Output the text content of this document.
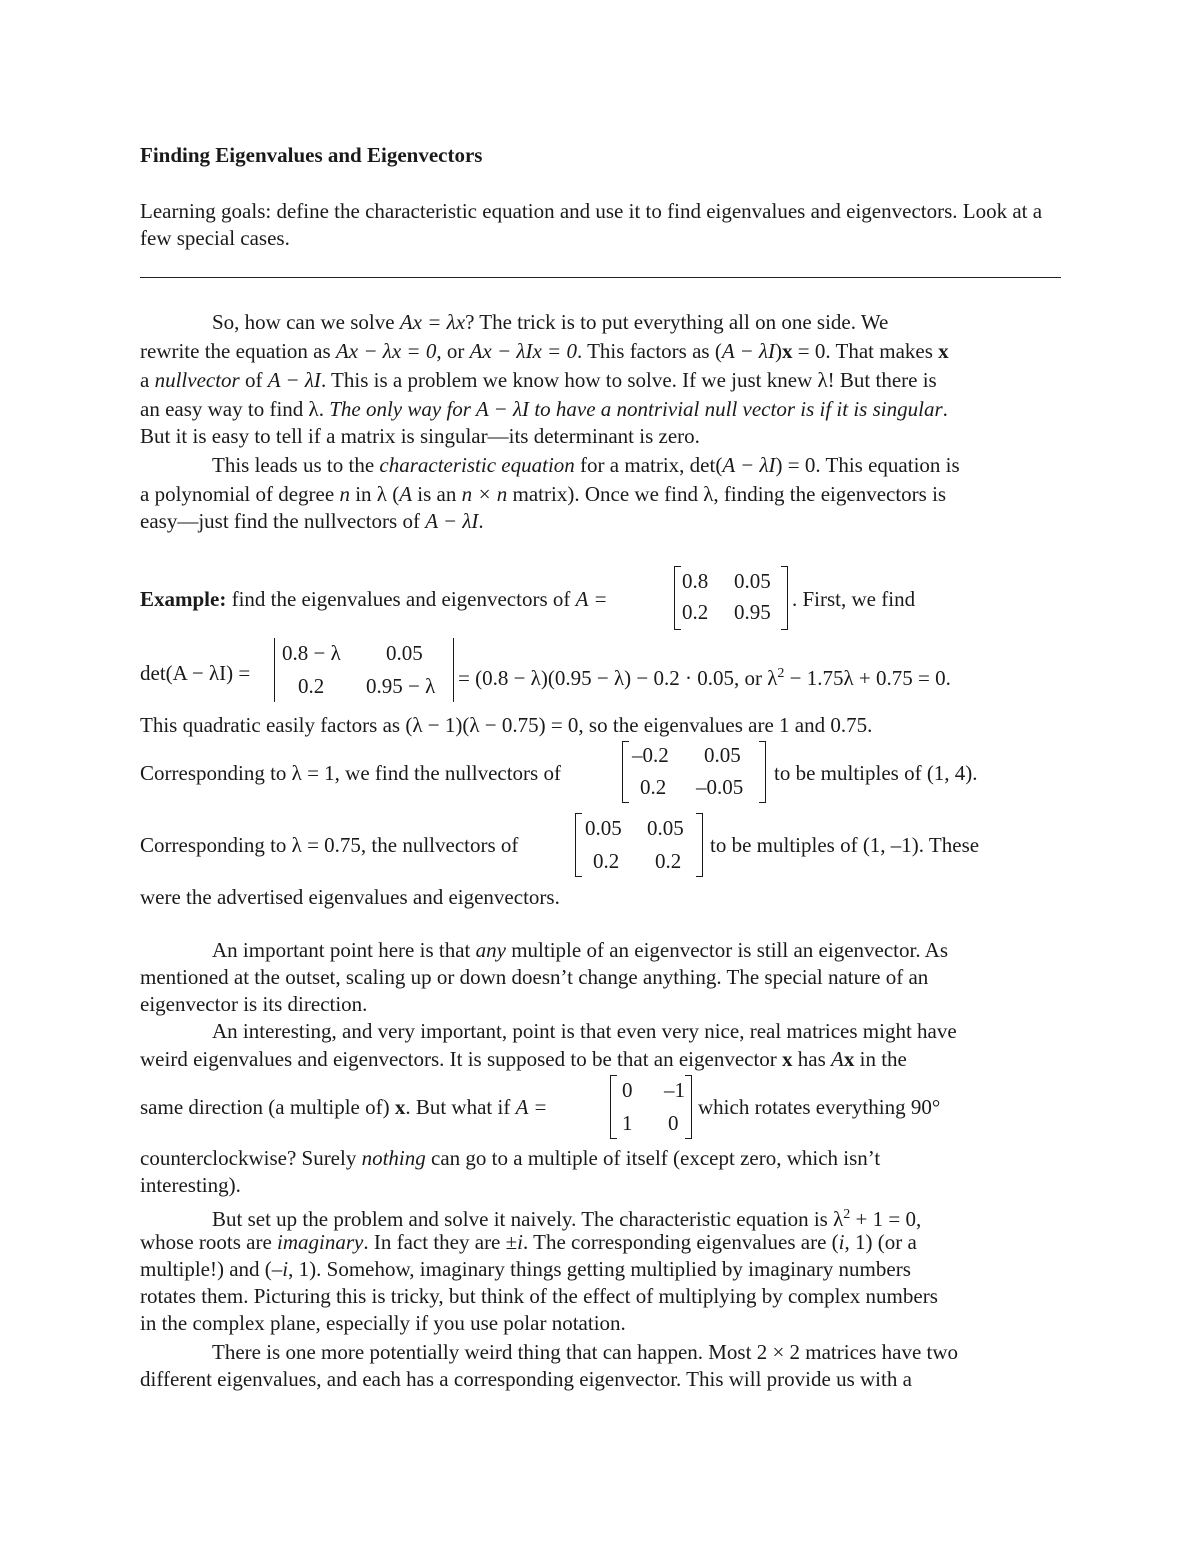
Finding Eigenvalues and Eigenvectors
Learning goals: define the characteristic equation and use it to find eigenvalues and eigenvectors. Look at a few special cases.
So, how can we solve Ax = λx? The trick is to put everything all on one side. We
rewrite the equation as Ax − λx = 0, or Ax − λIx = 0. This factors as (A − λI)x = 0. That makes x
a nullvector of A − λI. This is a problem we know how to solve. If we just knew λ! But there is
an easy way to find λ. The only way for A − λI to have a nontrivial null vector is if it is singular.
But it is easy to tell if a matrix is singular—its determinant is zero.
This leads us to the characteristic equation for a matrix, det(A − λI) = 0. This equation is
a polynomial of degree n in λ (A is an n × n matrix). Once we find λ, finding the eigenvectors is
easy—just find the nullvectors of A − λI.
Example: find the eigenvalues and eigenvectors of A =
0.8 0.05
0.2 0.95
. First, we find
det(A − λI) =
0.8 − λ 0.05
0.2 0.95 − λ = (0.8 − λ)(0.95 − λ) − 0.2 · 0.05, or $\lambda^2 - 1.75\lambda + 0.75 = 0$.
This quadratic easily factors as (λ − 1)(λ − 0.75) = 0, so the eigenvalues are 1 and 0.75.
Corresponding to λ = 1, we find the nullvectors of
–0.2 0.05
0.2 –0.05
to be multiples of (1, 4).
Corresponding to λ = 0.75, the nullvectors of
0.05 0.05
0.2 0.2
to be multiples of (1, –1). These
were the advertised eigenvalues and eigenvectors.
An important point here is that any multiple of an eigenvector is still an eigenvector. As
mentioned at the outset, scaling up or down doesn’t change anything. The special nature of an
eigenvector is its direction.
An interesting, and very important, point is that even very nice, real matrices might have
weird eigenvalues and eigenvectors. It is supposed to be that an eigenvector x has Ax in the
same direction (a multiple of) x. But what if A =
0 –1
1 0
which rotates everything 90°
counterclockwise? Surely nothing can go to a multiple of itself (except zero, which isn’t
interesting).
But set up the problem and solve it naively. The characteristic equation is $\lambda^2 + 1 = 0$,
whose roots are imaginary. In fact they are ±i. The corresponding eigenvalues are (i, 1) (or a
multiple!) and (–i, 1). Somehow, imaginary things getting multiplied by imaginary numbers
rotates them. Picturing this is tricky, but think of the effect of multiplying by complex numbers
in the complex plane, especially if you use polar notation.
There is one more potentially weird thing that can happen. Most 2 × 2 matrices have two
different eigenvalues, and each has a corresponding eigenvector. This will provide us with a
